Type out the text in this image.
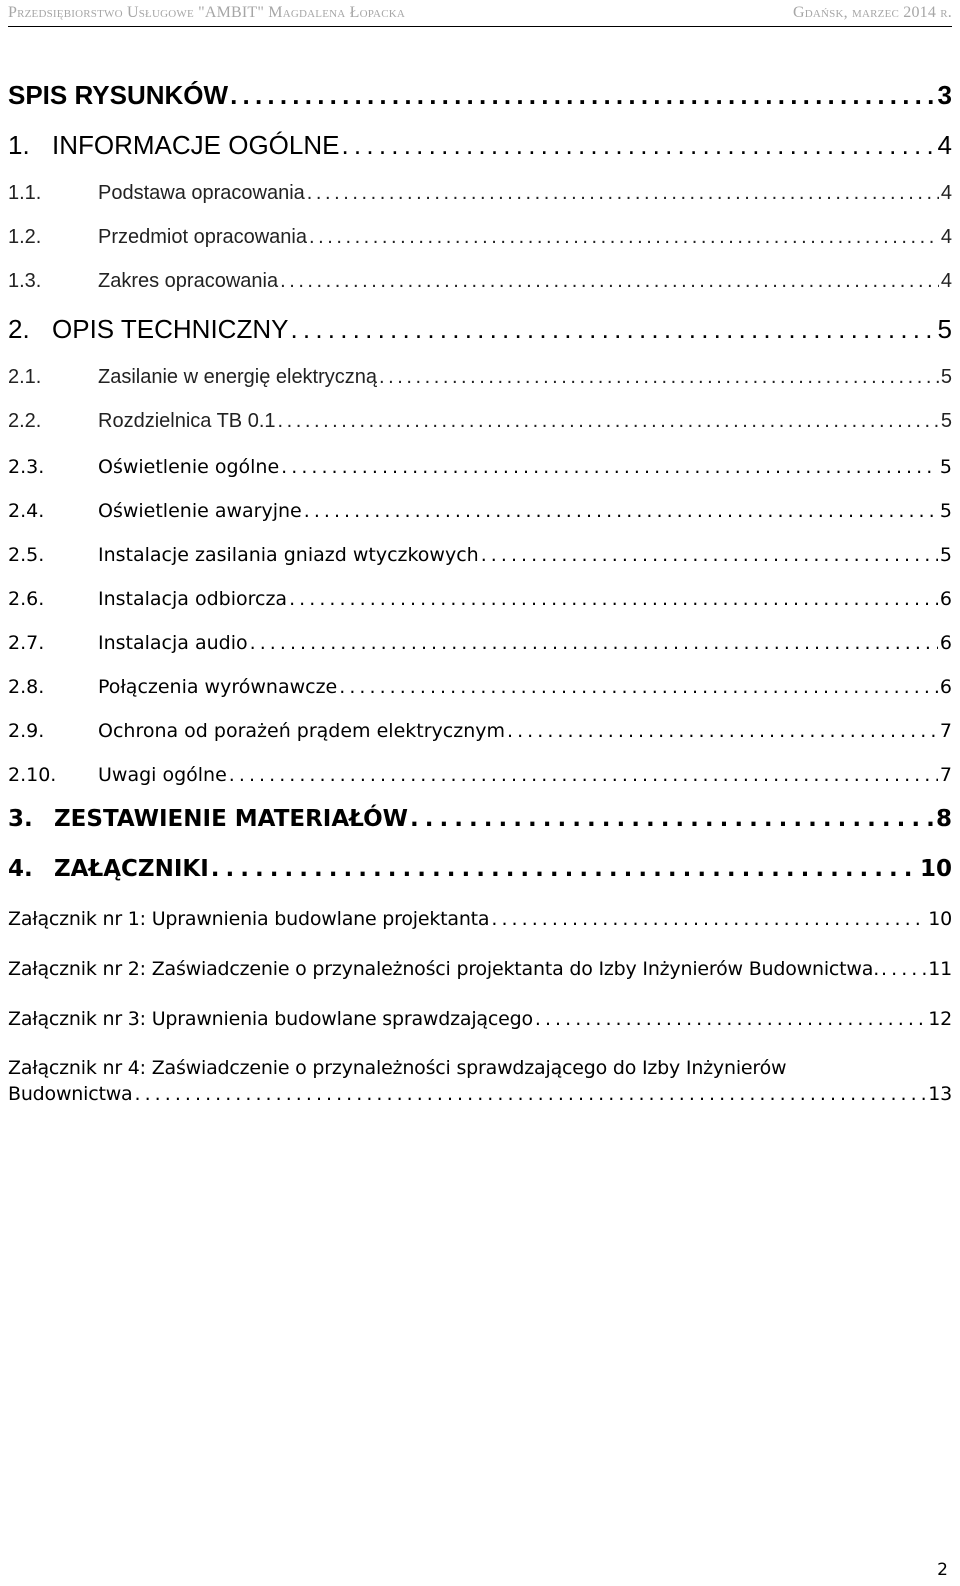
Przedsiębiorstwo Usługowe "AMBIT" Magdalena Łopacka	Gdańsk, marzec 2014 r.
SPIS RYSUNKÓW . . .	3
1. INFORMACJE OGÓLNE . . .	4
1.1.	Podstawa opracowania . . .	4
1.2.	Przedmiot opracowania . . .	4
1.3.	Zakres opracowania . . .	4
2. OPIS TECHNICZNY . . .	5
2.1.	Zasilanie w energię elektryczną . . .	5
2.2.	Rozdzielnica TB 0.1 . . .	5
2.3.	Oświetlenie ogólne . . .	5
2.4.	Oświetlenie awaryjne . . .	5
2.5.	Instalacje zasilania gniazd wtyczkowych . . .	5
2.6.	Instalacja odbiorcza . . .	6
2.7.	Instalacja audio . . .	6
2.8.	Połączenia wyrównawcze . . .	6
2.9.	Ochrona od porażeń prądem elektrycznym . . .	7
2.10.	Uwagi ogólne . . .	7
3. ZESTAWIENIE MATERIAŁÓW . . .	8
4. ZAŁĄCZNIKI . . .	10
Załącznik nr 1: Uprawnienia budowlane projektanta . . .	10
Załącznik nr 2: Zaświadczenie o przynależności projektanta do Izby Inżynierów Budownictwa. . . .	11
Załącznik nr 3: Uprawnienia budowlane sprawdzającego . . .	12
Załącznik nr 4: Zaświadczenie o przynależności sprawdzającego do Izby Inżynierów
Budownictwa . . .	13
2
